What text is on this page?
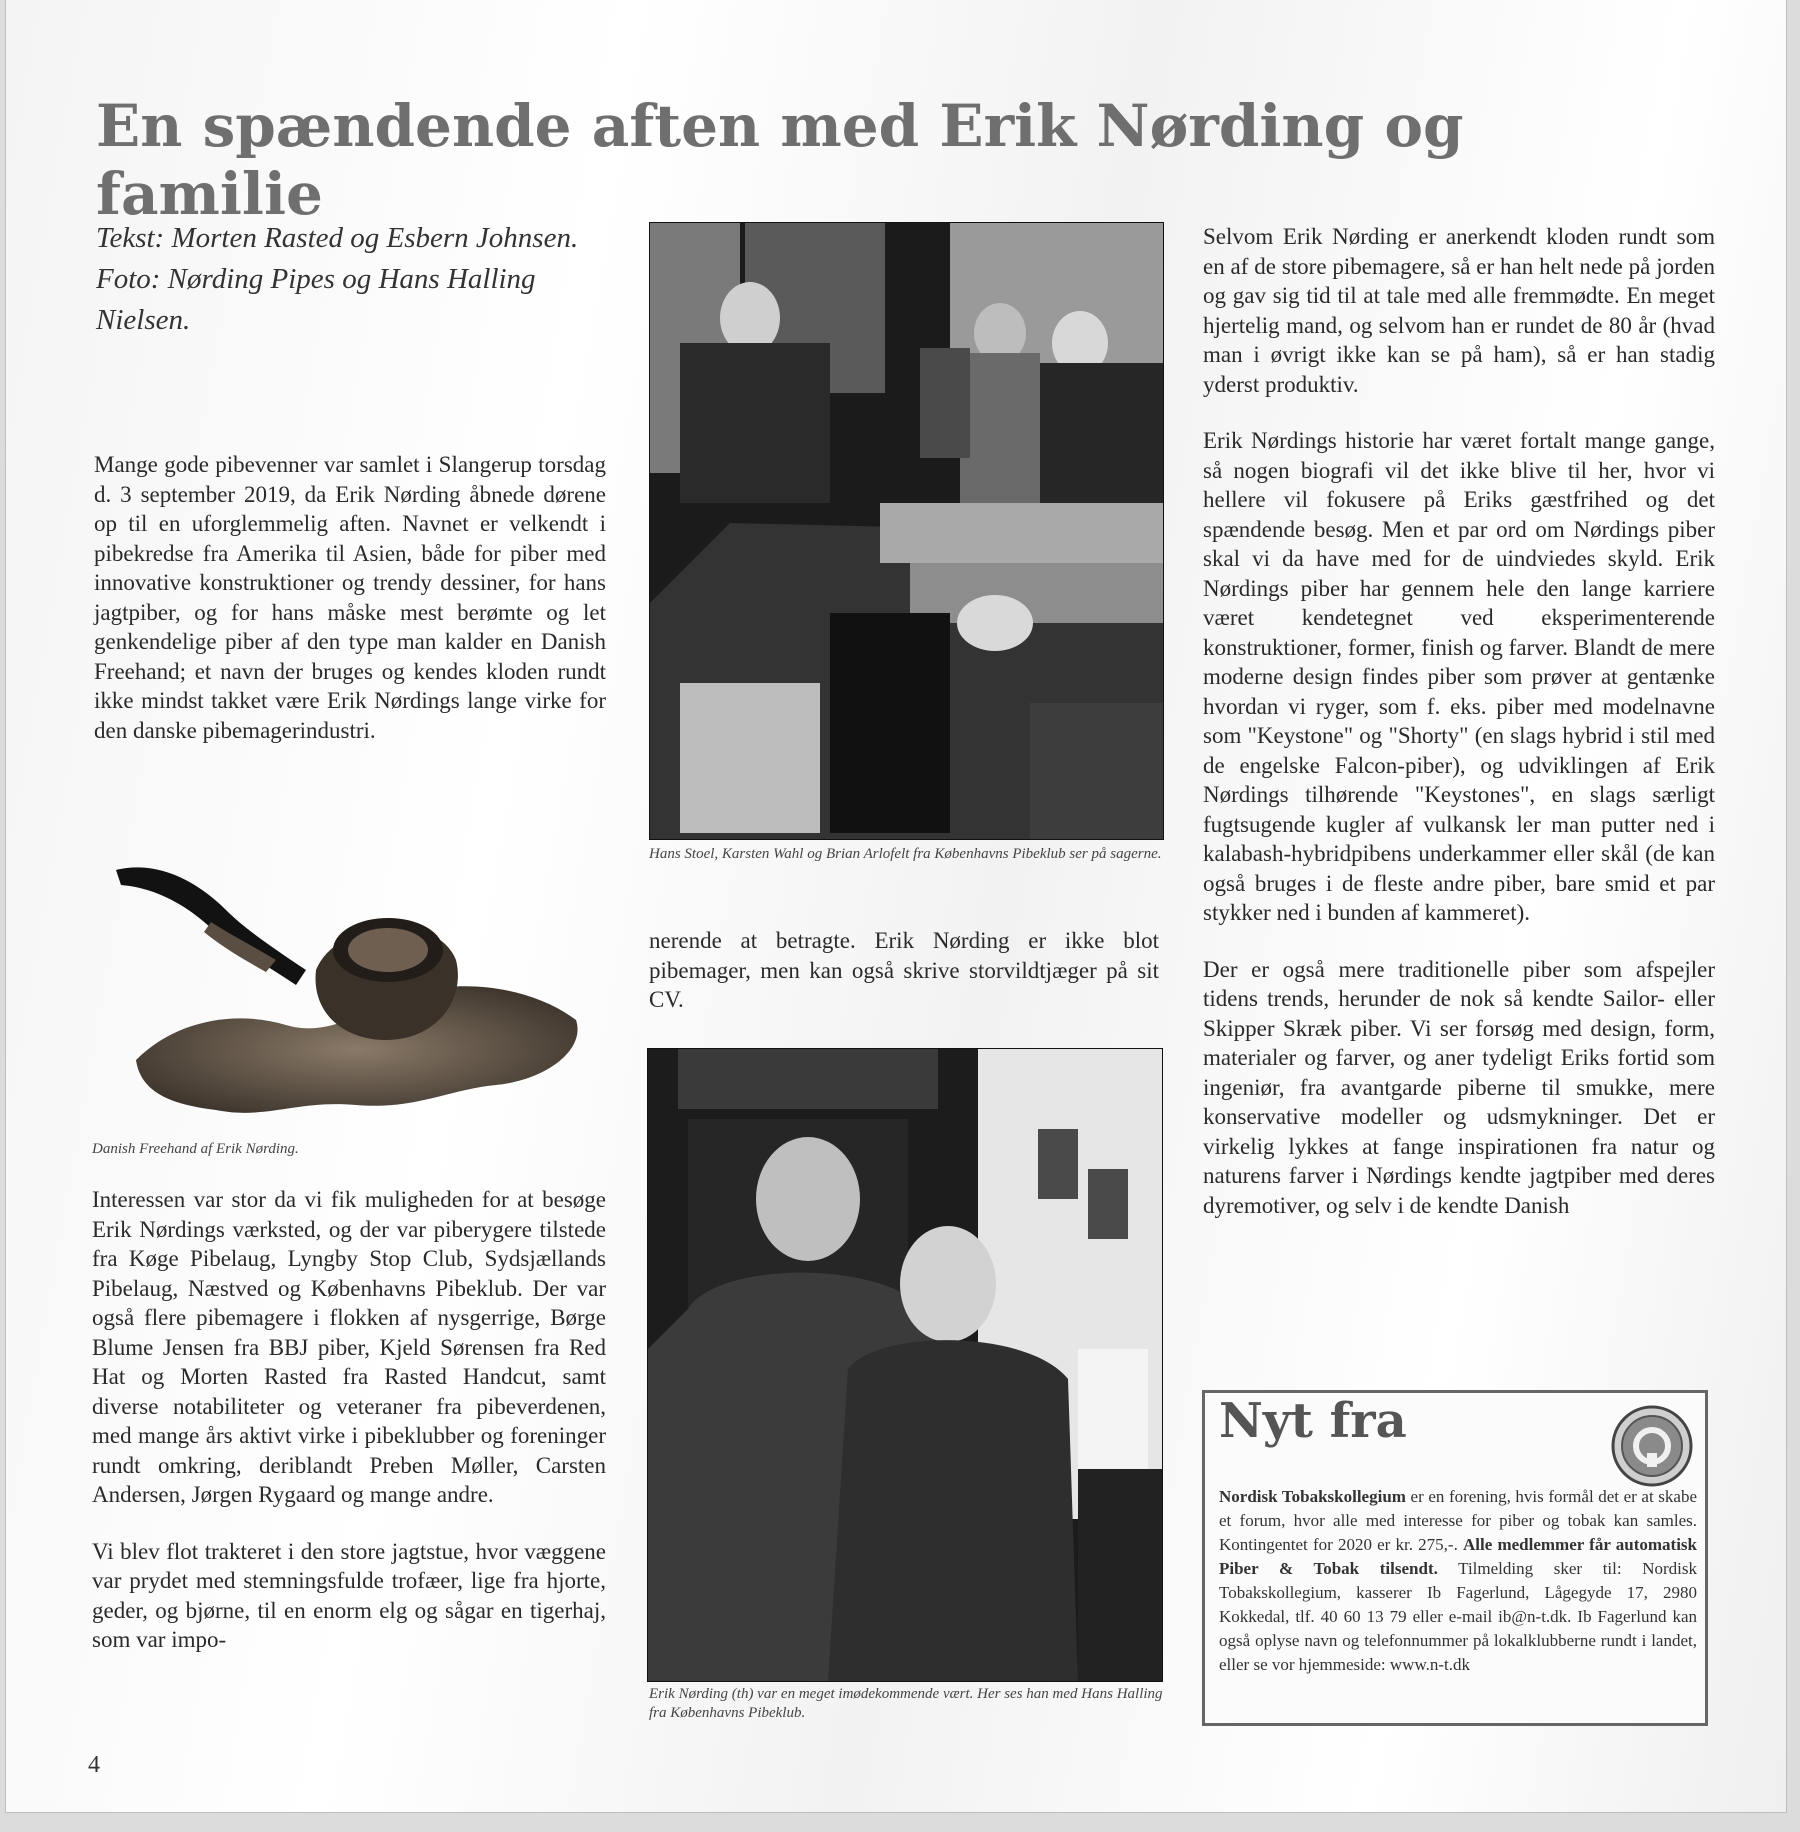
En spændende aften med Erik Nørding og familie
Tekst: Morten Rasted og Esbern Johnsen.
Foto: Nørding Pipes og Hans Halling
Nielsen.

Mange gode pibevenner var samlet i Slangerup torsdag d. 3 september 2019, da Erik Nørding åbnede dørene op til en uforglemmelig aften. Navnet er velkendt i pibekredse fra Amerika til Asien, både for piber med innovative konstruktioner og trendy dessiner, for hans jagtpiber, og for hans måske mest berømte og let genkendelige piber af den type man kalder en Danish Freehand; et navn der bruges og kendes kloden rundt ikke mindst takket være Erik Nørdings lange virke for den danske pibemagerindustri.

Danish Freehand af Erik Nørding.

Interessen var stor da vi fik muligheden for at besøge Erik Nørdings værksted, og der var piberygere tilstede fra Køge Pibelaug, Lyngby Stop Club, Sydsjællands Pibelaug, Næstved og Københavns Pibeklub. Der var også flere pibemagere i flokken af nysgerrige, Børge Blume Jensen fra BBJ piber, Kjeld Sørensen fra Red Hat og Morten Rasted fra Rasted Handcut, samt diverse notabiliteter og veteraner fra pibeverdenen, med mange års aktivt virke i pibeklubber og foreninger rundt omkring, deriblandt Preben Møller, Carsten Andersen, Jørgen Rygaard og mange andre.

Vi blev flot trakteret i den store jagtstue, hvor væggene var prydet med stemningsfulde trofæer, lige fra hjorte, geder, og bjørne, til en enorm elg og sågar en tigerhaj, som var impo-

Hans Stoel, Karsten Wahl og Brian Arlofelt fra Københavns Pibeklub ser på sagerne.

nerende at betragte. Erik Nørding er ikke blot pibemager, men kan også skrive storvildtjæger på sit CV.

Erik Nørding (th) var en meget imødekommende vært. Her ses han med Hans Halling fra Københavns Pibeklub.

Selvom Erik Nørding er anerkendt kloden rundt som en af de store pibemagere, så er han helt nede på jorden og gav sig tid til at tale med alle fremmødte. En meget hjertelig mand, og selvom han er rundet de 80 år (hvad man i øvrigt ikke kan se på ham), så er han stadig yderst produktiv.

Erik Nørdings historie har været fortalt mange gange, så nogen biografi vil det ikke blive til her, hvor vi hellere vil fokusere på Eriks gæstfrihed og det spændende besøg. Men et par ord om Nørdings piber skal vi da have med for de uindviedes skyld. Erik Nørdings piber har gennem hele den lange karriere været kendetegnet ved eksperimenterende konstruktioner, former, finish og farver. Blandt de mere moderne design findes piber som prøver at gentænke hvordan vi ryger, som f. eks. piber med modelnavne som "Keystone" og "Shorty" (en slags hybrid i stil med de engelske Falcon-piber), og udviklingen af Erik Nørdings tilhørende "Keystones", en slags særligt fugtsugende kugler af vulkansk ler man putter ned i kalabash-hybridpibens underkammer eller skål (de kan også bruges i de fleste andre piber, bare smid et par stykker ned i bunden af kammeret).

Der er også mere traditionelle piber som afspejler tidens trends, herunder de nok så kendte Sailor- eller Skipper Skræk piber. Vi ser forsøg med design, form, materialer og farver, og aner tydeligt Eriks fortid som ingeniør, fra avantgarde piberne til smukke, mere konservative modeller og udsmykninger. Det er virkelig lykkes at fange inspirationen fra natur og naturens farver i Nørdings kendte jagtpiber med deres dyremotiver, og selv i de kendte Danish

Nyt fra
Nordisk Tobakskollegium er en forening, hvis formål det er at skabe et forum, hvor alle med interesse for piber og tobak kan samles. Kontingentet for 2020 er kr. 275,-. Alle medlemmer får automatisk Piber & Tobak tilsendt. Tilmelding sker til: Nordisk Tobakskollegium, kasserer Ib Fagerlund, Lågegyde 17, 2980 Kokkedal, tlf. 40 60 13 79 eller e-mail ib@n-t.dk. Ib Fagerlund kan også oplyse navn og telefonnummer på lokalklubberne rundt i landet, eller se vor hjemmeside: www.n-t.dk
4
